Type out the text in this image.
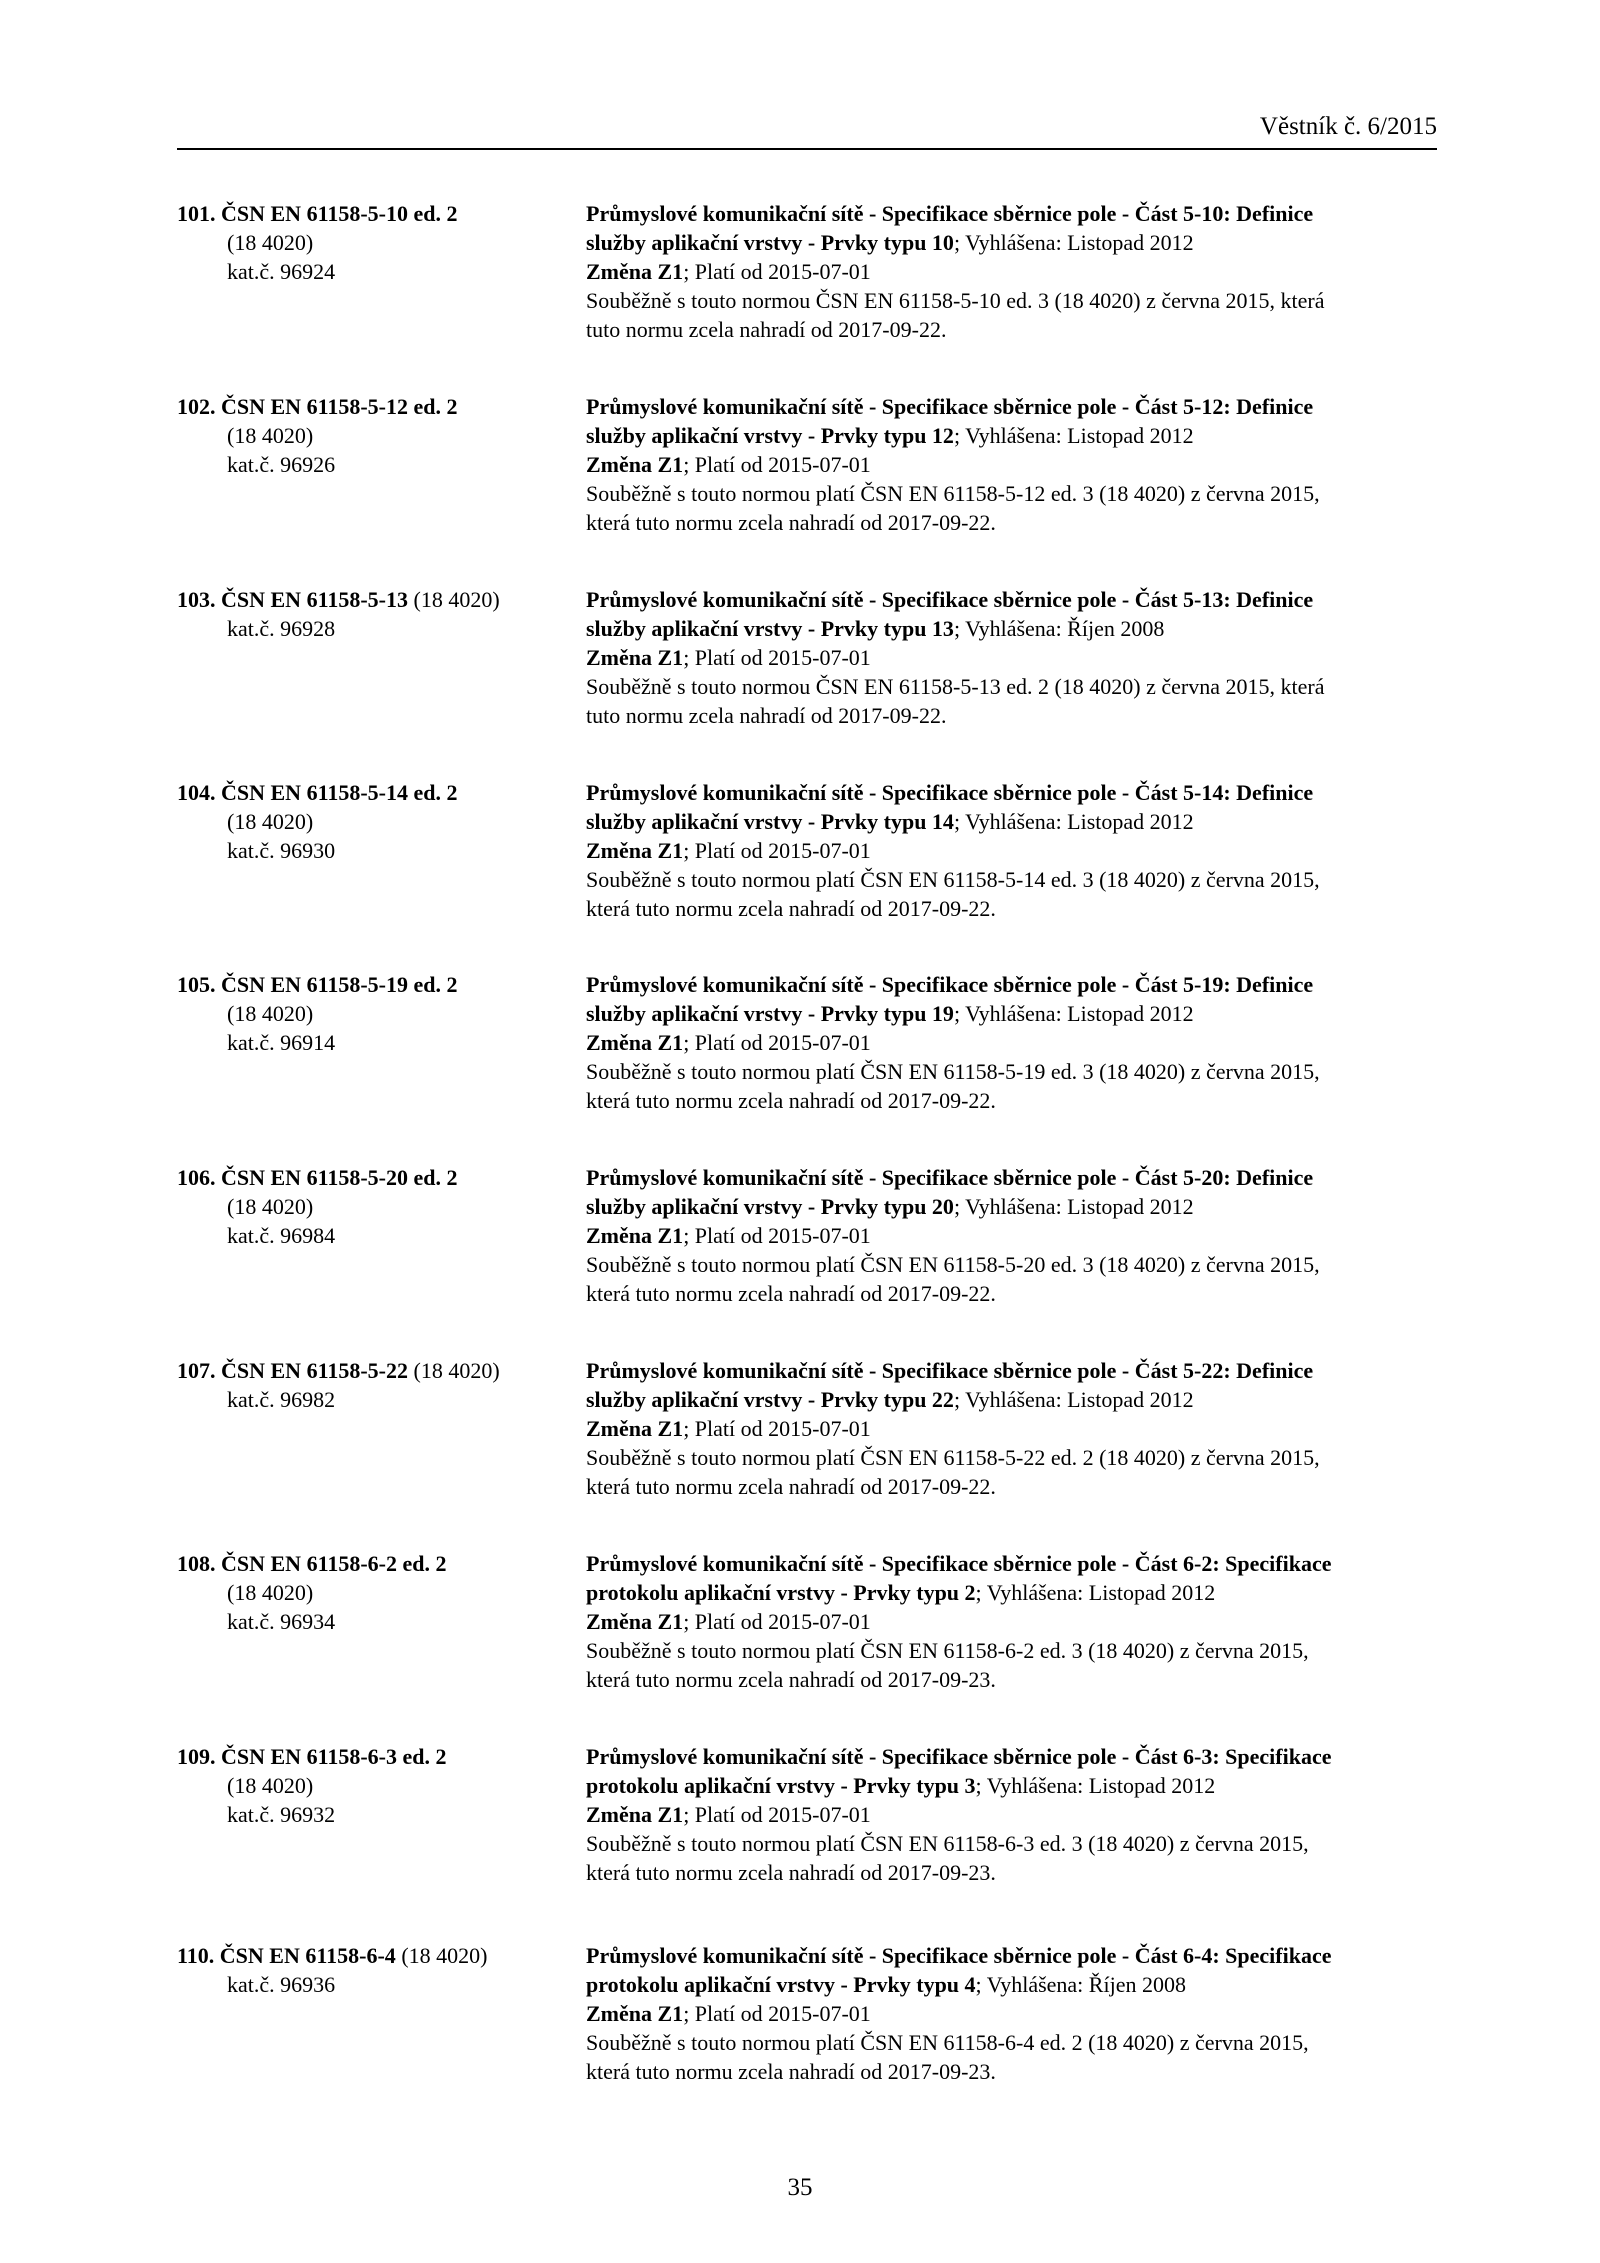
Věstník č. 6/2015
101. ČSN EN 61158-5-10 ed. 2
(18 4020)
kat.č. 96924
Průmyslové komunikační sítě - Specifikace sběrnice pole - Část 5-10: Definice
služby aplikační vrstvy - Prvky typu 10; Vyhlášena: Listopad 2012
Změna Z1; Platí od 2015-07-01
Souběžně s touto normou ČSN EN 61158-5-10 ed. 3 (18 4020) z června 2015, která
tuto normu zcela nahradí od 2017-09-22.
102. ČSN EN 61158-5-12 ed. 2
(18 4020)
kat.č. 96926
Průmyslové komunikační sítě - Specifikace sběrnice pole - Část 5-12: Definice
služby aplikační vrstvy - Prvky typu 12; Vyhlášena: Listopad 2012
Změna Z1; Platí od 2015-07-01
Souběžně s touto normou platí ČSN EN 61158-5-12 ed. 3 (18 4020) z června 2015,
která tuto normu zcela nahradí od 2017-09-22.
103. ČSN EN 61158-5-13 (18 4020)
kat.č. 96928
Průmyslové komunikační sítě - Specifikace sběrnice pole - Část 5-13: Definice
služby aplikační vrstvy - Prvky typu 13; Vyhlášena: Říjen 2008
Změna Z1; Platí od 2015-07-01
Souběžně s touto normou ČSN EN 61158-5-13 ed. 2 (18 4020) z června 2015, která
tuto normu zcela nahradí od 2017-09-22.
104. ČSN EN 61158-5-14 ed. 2
(18 4020)
kat.č. 96930
Průmyslové komunikační sítě - Specifikace sběrnice pole - Část 5-14: Definice
služby aplikační vrstvy - Prvky typu 14; Vyhlášena: Listopad 2012
Změna Z1; Platí od 2015-07-01
Souběžně s touto normou platí ČSN EN 61158-5-14 ed. 3 (18 4020) z června 2015,
která tuto normu zcela nahradí od 2017-09-22.
105. ČSN EN 61158-5-19 ed. 2
(18 4020)
kat.č. 96914
Průmyslové komunikační sítě - Specifikace sběrnice pole - Část 5-19: Definice
služby aplikační vrstvy - Prvky typu 19; Vyhlášena: Listopad 2012
Změna Z1; Platí od 2015-07-01
Souběžně s touto normou platí ČSN EN 61158-5-19 ed. 3 (18 4020) z června 2015,
která tuto normu zcela nahradí od 2017-09-22.
106. ČSN EN 61158-5-20 ed. 2
(18 4020)
kat.č. 96984
Průmyslové komunikační sítě - Specifikace sběrnice pole - Část 5-20: Definice
služby aplikační vrstvy - Prvky typu 20; Vyhlášena: Listopad 2012
Změna Z1; Platí od 2015-07-01
Souběžně s touto normou platí ČSN EN 61158-5-20 ed. 3 (18 4020) z června 2015,
která tuto normu zcela nahradí od 2017-09-22.
107. ČSN EN 61158-5-22 (18 4020)
kat.č. 96982
Průmyslové komunikační sítě - Specifikace sběrnice pole - Část 5-22: Definice
služby aplikační vrstvy - Prvky typu 22; Vyhlášena: Listopad 2012
Změna Z1; Platí od 2015-07-01
Souběžně s touto normou platí ČSN EN 61158-5-22 ed. 2 (18 4020) z června 2015,
která tuto normu zcela nahradí od 2017-09-22.
108. ČSN EN 61158-6-2 ed. 2
(18 4020)
kat.č. 96934
Průmyslové komunikační sítě - Specifikace sběrnice pole - Část 6-2: Specifikace
protokolu aplikační vrstvy - Prvky typu 2; Vyhlášena: Listopad 2012
Změna Z1; Platí od 2015-07-01
Souběžně s touto normou platí ČSN EN 61158-6-2 ed. 3 (18 4020) z června 2015,
která tuto normu zcela nahradí od 2017-09-23.
109. ČSN EN 61158-6-3 ed. 2
(18 4020)
kat.č. 96932
Průmyslové komunikační sítě - Specifikace sběrnice pole - Část 6-3: Specifikace
protokolu aplikační vrstvy - Prvky typu 3; Vyhlášena: Listopad 2012
Změna Z1; Platí od 2015-07-01
Souběžně s touto normou platí ČSN EN 61158-6-3 ed. 3 (18 4020) z června 2015,
která tuto normu zcela nahradí od 2017-09-23.
110. ČSN EN 61158-6-4 (18 4020)
kat.č. 96936
Průmyslové komunikační sítě - Specifikace sběrnice pole - Část 6-4: Specifikace
protokolu aplikační vrstvy - Prvky typu 4; Vyhlášena: Říjen 2008
Změna Z1; Platí od 2015-07-01
Souběžně s touto normou platí ČSN EN 61158-6-4 ed. 2 (18 4020) z června 2015,
která tuto normu zcela nahradí od 2017-09-23.
35
